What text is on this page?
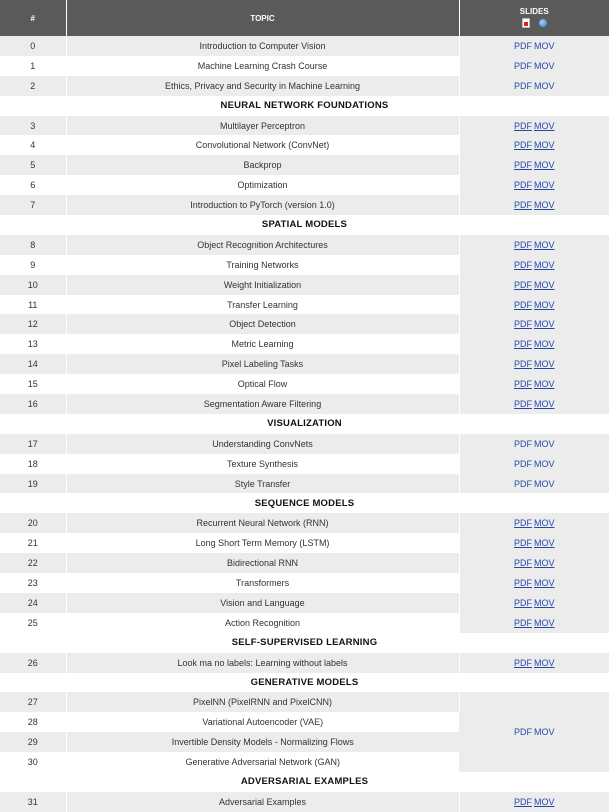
#	TOPIC	SLIDES

0	Introduction to Computer Vision	PDF MOV
1	Machine Learning Crash Course	PDF MOV
2	Ethics, Privacy and Security in Machine Learning	PDF MOV
NEURAL NETWORK FOUNDATIONS		
3	Multilayer Perceptron	PDF MOV
4	Convolutional Network (ConvNet)	PDF MOV
5	Backprop	PDF MOV
6	Optimization	PDF MOV
7	Introduction to PyTorch (version 1.0)	PDF MOV
SPATIAL MODELS		
8	Object Recognition Architectures	PDF MOV
9	Training Networks	PDF MOV
10	Weight Initialization	PDF MOV
11	Transfer Learning	PDF MOV
12	Object Detection	PDF MOV
13	Metric Learning	PDF MOV
14	Pixel Labeling Tasks	PDF MOV
15	Optical Flow	PDF MOV
16	Segmentation Aware Filtering	PDF MOV
VISUALIZATION		
17	Understanding ConvNets	PDF MOV
18	Texture Synthesis	PDF MOV
19	Style Transfer	PDF MOV
SEQUENCE MODELS		
20	Recurrent Neural Network (RNN)	PDF MOV
21	Long Short Term Memory (LSTM)	PDF MOV
22	Bidirectional RNN	PDF MOV
23	Transformers	PDF MOV
24	Vision and Language	PDF MOV
25	Action Recognition	PDF MOV
SELF-SUPERVISED LEARNING		
26	Look ma no labels: Learning without labels	PDF MOV
GENERATIVE MODELS		
27	PixelNN (PixelRNN and PixelCNN)	PDF MOV
28	Variational Autoencoder (VAE)	
29	Invertible Density Models - Normalizing Flows	
30	Generative Adversarial Network (GAN)	
ADVERSARIAL EXAMPLES		
31	Adversarial Examples	PDF MOV
